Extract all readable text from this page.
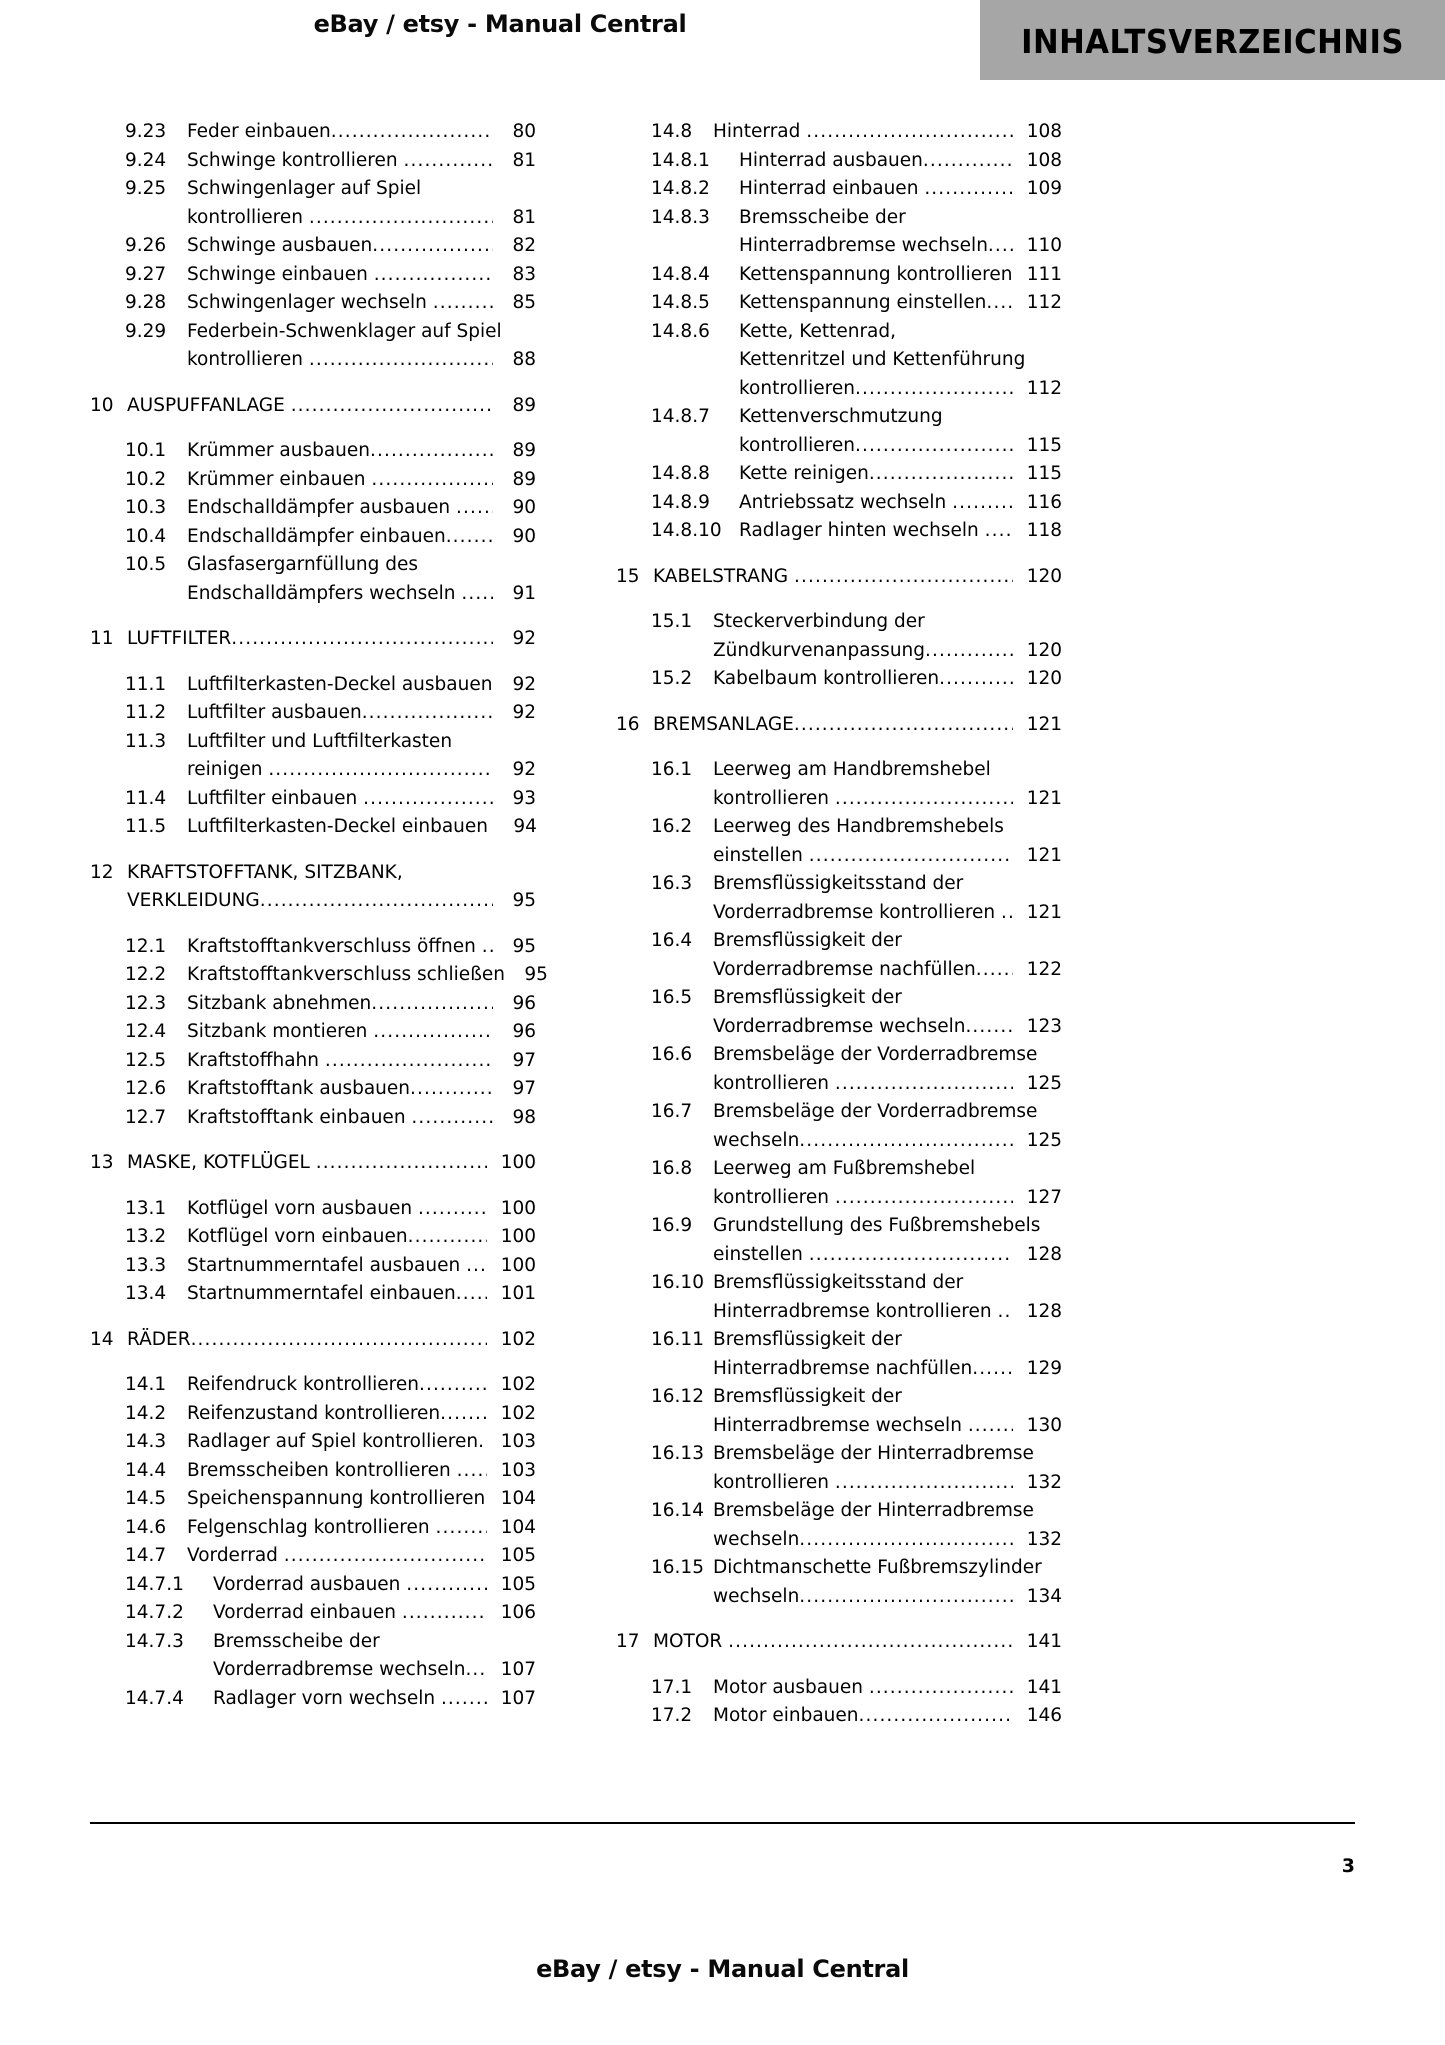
eBay / etsy - Manual Central	INHALTSVERZEICHNIS
9.23	Feder einbauen .....	80
9.24	Schwinge kontrollieren .....	81
9.25	Schwingenlager auf Spiel
kontrollieren .....	81
9.26	Schwinge ausbauen .....	82
9.27	Schwinge einbauen .....	83
9.28	Schwingenlager wechseln .....	85
9.29	Federbein-Schwenklager auf Spiel
kontrollieren .....	88
10 AUSPUFFANLAGE .....	89
10.1	Krümmer ausbauen .....	89
10.2	Krümmer einbauen .....	89
10.3	Endschalldämpfer ausbauen .....	90
10.4	Endschalldämpfer einbauen .....	90
10.5	Glasfasergarnfüllung des
Endschalldämpfers wechseln .....	91
11 LUFTFILTER .....	92
11.1	Luftfilterkasten-Deckel ausbauen .....	92
11.2	Luftfilter ausbauen .....	92
11.3	Luftfilter und Luftfilterkasten
reinigen .....	92
11.4	Luftfilter einbauen .....	93
11.5	Luftfilterkasten-Deckel einbauen	94
12 KRAFTSTOFFTANK, SITZBANK,
VERKLEIDUNG .....	95
12.1	Kraftstofftankverschluss öffnen .....	95
12.2	Kraftstofftankverschluss schließen	95
12.3	Sitzbank abnehmen .....	96
12.4	Sitzbank montieren .....	96
12.5	Kraftstoffhahn .....	97
12.6	Kraftstofftank ausbauen .....	97
12.7	Kraftstofftank einbauen .....	98
13 MASKE, KOTFLÜGEL .....	100
13.1	Kotflügel vorn ausbauen .....	100
13.2	Kotflügel vorn einbauen .....	100
13.3	Startnummerntafel ausbauen .....	100
13.4	Startnummerntafel einbauen .....	101
14 RÄDER .....	102
14.1	Reifendruck kontrollieren .....	102
14.2	Reifenzustand kontrollieren .....	102
14.3	Radlager auf Spiel kontrollieren .....	103
14.4	Bremsscheiben kontrollieren .....	103
14.5	Speichenspannung kontrollieren ..... 104
14.6	Felgenschlag kontrollieren .....	104
14.7	Vorderrad .....	105
14.7.1	Vorderrad ausbauen .....	105
14.7.2	Vorderrad einbauen .....	106
14.7.3	Bremsscheibe der
Vorderradbremse wechseln .....	107
14.7.4	Radlager vorn wechseln .....	107
14.8	Hinterrad .....	108
14.8.1	Hinterrad ausbauen .....	108
14.8.2	Hinterrad einbauen .....	109
14.8.3	Bremsscheibe der
Hinterradbremse wechseln .....	110
14.8.4	Kettenspannung kontrollieren ..... 111
14.8.5	Kettenspannung einstellen .....	112
14.8.6	Kette, Kettenrad,
Kettenritzel und Kettenführung
kontrollieren .....	112
14.8.7	Kettenverschmutzung
kontrollieren .....	115
14.8.8	Kette reinigen .....	115
14.8.9	Antriebssatz wechseln .....	116
14.8.10 Radlager hinten wechseln .....	118
15 KABELSTRANG .....	120
15.1	Steckerverbindung der
Zündkurvenanpassung .....	120
15.2	Kabelbaum kontrollieren .....	120
16 BREMSANLAGE .....	121
16.1	Leerweg am Handbremshebel
kontrollieren .....	121
16.2	Leerweg des Handbremshebels
einstellen .....	121
16.3	Bremsflüssigkeitsstand der
Vorderradbremse kontrollieren .....	121
16.4	Bremsflüssigkeit der
Vorderradbremse nachfüllen .....	122
16.5	Bremsflüssigkeit der
Vorderradbremse wechseln .....	123
16.6	Bremsbeläge der Vorderradbremse
kontrollieren .....	125
16.7	Bremsbeläge der Vorderradbremse
wechseln .....	125
16.8	Leerweg am Fußbremshebel
kontrollieren .....	127
16.9	Grundstellung des Fußbremshebels
einstellen .....	128
16.10 Bremsflüssigkeitsstand der
Hinterradbremse kontrollieren .....	128
16.11 Bremsflüssigkeit der
Hinterradbremse nachfüllen .....	129
16.12 Bremsflüssigkeit der
Hinterradbremse wechseln .....	130
16.13 Bremsbeläge der Hinterradbremse
kontrollieren .....	132
16.14 Bremsbeläge der Hinterradbremse
wechseln .....	132
16.15 Dichtmanschette Fußbremszylinder
wechseln .....	134
17 MOTOR .....	141
17.1	Motor ausbauen .....	141
17.2	Motor einbauen .....	146
3
eBay / etsy - Manual Central
